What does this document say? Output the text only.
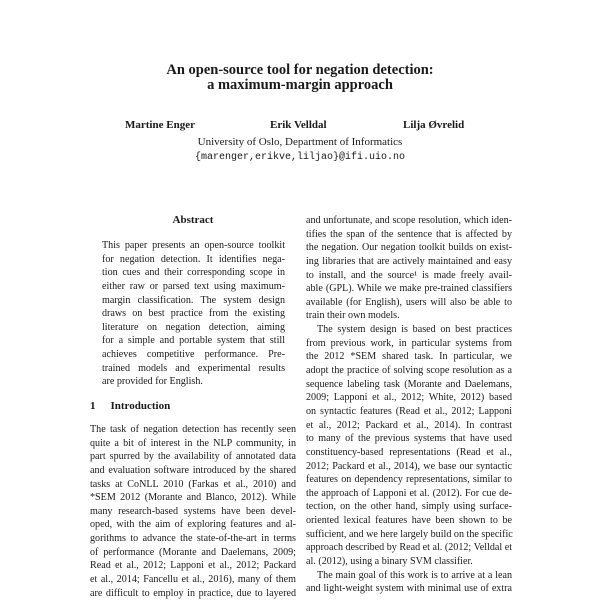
An open-source tool for negation detection:
a maximum-margin approach
Martine Enger	Erik Velldal	Lilja Øvrelid
University of Oslo, Department of Informatics
{marenger,erikve,liljao}@ifi.uio.no
Abstract
This paper presents an open-source toolkit
for negation detection. It identifies nega-
tion cues and their corresponding scope in
either raw or parsed text using maximum-
margin classification. The system design
draws on best practice from the existing
literature on negation detection, aiming
for a simple and portable system that still
achieves competitive performance. Pre-
trained models and experimental results
are provided for English.
1 Introduction
The task of negation detection has recently seen
quite a bit of interest in the NLP community, in
part spurred by the availability of annotated data
and evaluation software introduced by the shared
tasks at CoNLL 2010 (Farkas et al., 2010) and
*SEM 2012 (Morante and Blanco, 2012). While
many research-based systems have been devel-
oped, with the aim of exploring features and al-
gorithms to advance the state-of-the-art in terms
of performance (Morante and Daelemans, 2009;
Read et al., 2012; Lapponi et al., 2012; Packard
et al., 2014; Fancellu et al., 2016), many of them
are difficult to employ in practice, due to layered
and unfortunate, and scope resolution, which iden-
tifies the span of the sentence that is affected by
the negation. Our negation toolkit builds on exist-
ing libraries that are actively maintained and easy
to install, and the source¹ is made freely avail-
able (GPL). While we make pre-trained classifiers
available (for English), users will also be able to
train their own models.
The system design is based on best practices
from previous work, in particular systems from
the 2012 *SEM shared task. In particular, we
adopt the practice of solving scope resolution as a
sequence labeling task (Morante and Daelemans,
2009; Lapponi et al., 2012; White, 2012) based
on syntactic features (Read et al., 2012; Lapponi
et al., 2012; Packard et al., 2014). In contrast
to many of the previous systems that have used
constituency-based representations (Read et al.,
2012; Packard et al., 2014), we base our syntactic
features on dependency representations, similar to
the approach of Lapponi et al. (2012). For cue de-
tection, on the other hand, simply using surface-
oriented lexical features have been shown to be
sufficient, and we here largely build on the specific
approach described by Read et al. (2012; Velldal et
al. (2012), using a binary SVM classifier.
The main goal of this work is to arrive at a lean
and light-weight system with minimal use of extra
